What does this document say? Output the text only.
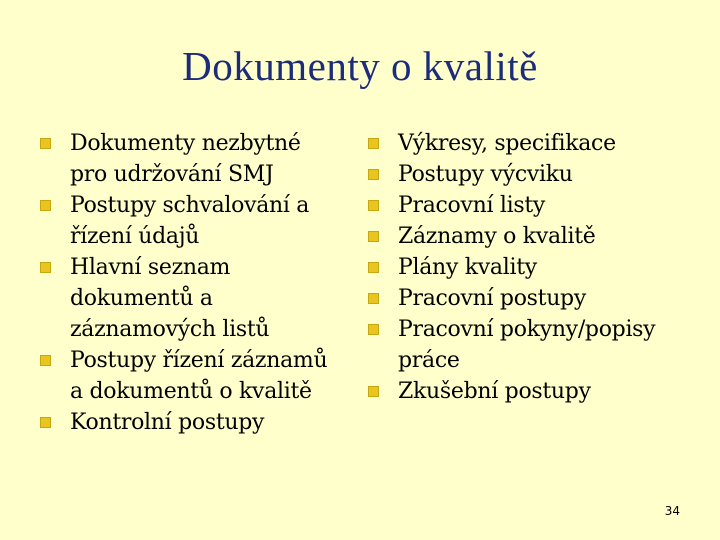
Dokumenty o kvalitě
Dokumenty nezbytné pro udržování SMJ
Postupy schvalování a řízení údajů
Hlavní seznam dokumentů a záznamových listů
Postupy řízení záznamů a dokumentů o kvalitě
Kontrolní postupy
Výkresy, specifikace
Postupy výcviku
Pracovní listy
Záznamy o kvalitě
Plány kvality
Pracovní postupy
Pracovní pokyny/popisy práce
Zkušební postupy
34
